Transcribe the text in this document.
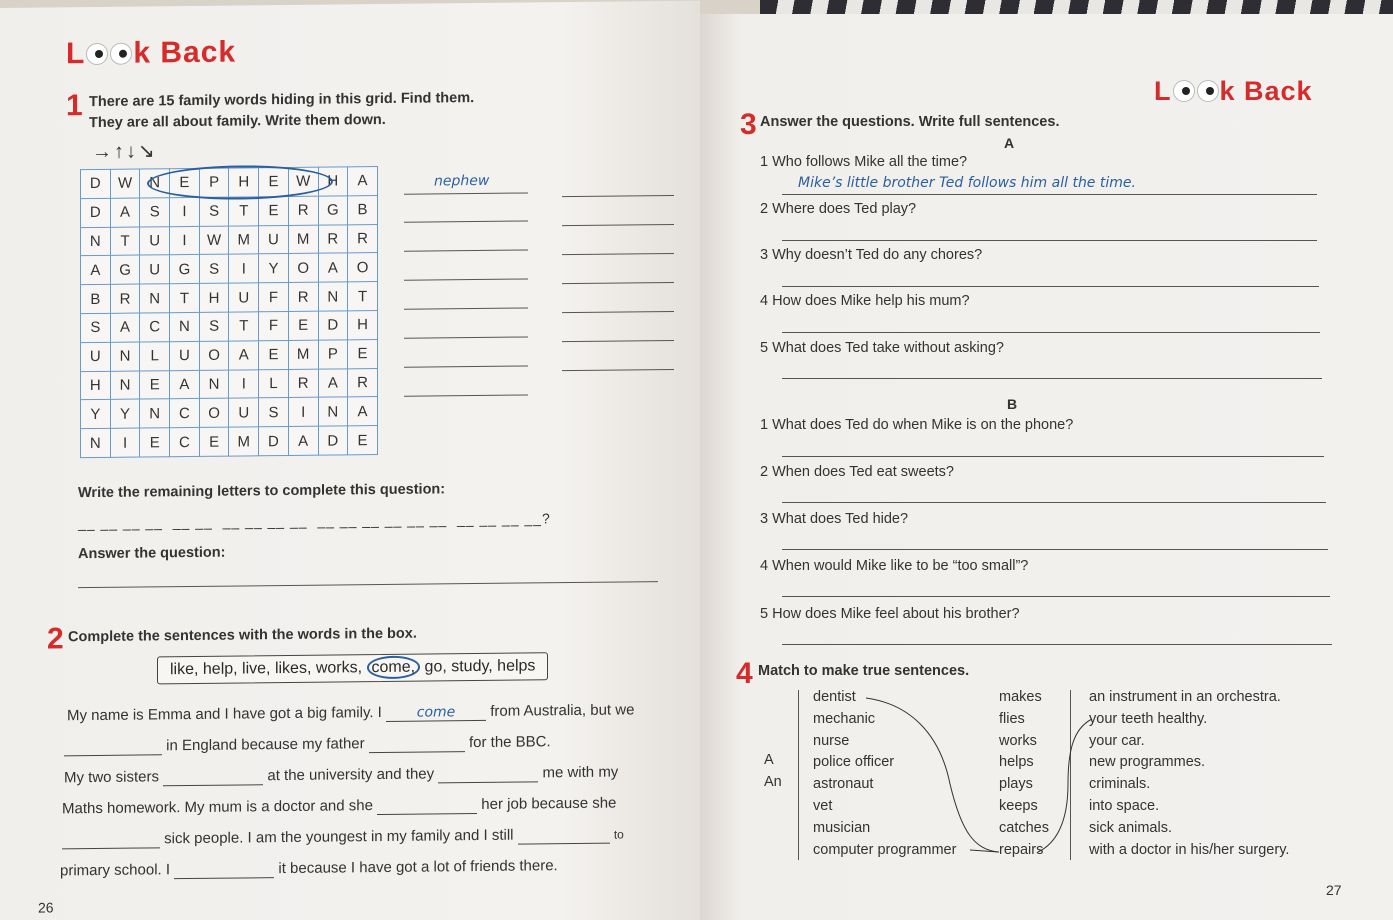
L k Back
1 There are 15 family words hiding in this grid. Find them.
They are all about family. Write them down.
→↑↓↘
D	W	N	E	P	H	E	W	H	A
D	A	S	I	S	T	E	R	G	B
N	T	U	I	W	M	U	M	R	R
A	G	U	G	S	I	Y	O	A	O
B	R	N	T	H	U	F	R	N	T
S	A	C	N	S	T	F	E	D	H
U	N	L	U	O	A	E	M	P	E
H	N	E	A	N	I	L	R	A	R
Y	Y	N	C	O	U	S	I	N	A
N	I	E	C	E	M	D	A	D	E
nephew
Write the remaining letters to complete this question:
__ __ __ __ __ __ __ __ __ __ __ __ __ __ __ __ __ __ __ __?
Answer the question:
2 Complete the sentences with the words in the box.
like, help, live, likes, works, come, go, study, helps
My name is Emma and I have got a big family. I come from Australia, but we
in England because my father	for the BBC.
My two sisters	at the university and they	me with my
Maths homework. My mum is a doctor and she	her job because she
sick people. I am the youngest in my family and I still	to
primary school. I	it because I have got a lot of friends there.
26
L k Back
3 Answer the questions. Write full sentences.
A
1 Who follows Mike all the time?
Mike’s little brother Ted follows him all the time.
2 Where does Ted play?
3 Why doesn’t Ted do any chores?
4 How does Mike help his mum?
5 What does Ted take without asking?
B
1 What does Ted do when Mike is on the phone?
2 When does Ted eat sweets?
3 What does Ted hide?
4 When would Mike like to be “too small”?
5 How does Mike feel about his brother?
4 Match to make true sentences.
A
An
dentist
mechanic
nurse
police officer
astronaut
vet
musician
computer programmer
makes
flies
works
helps
plays
keeps
catches
repairs
an instrument in an orchestra.
your teeth healthy.
your car.
new programmes.
criminals.
into space.
sick animals.
with a doctor in his/her surgery.
27
